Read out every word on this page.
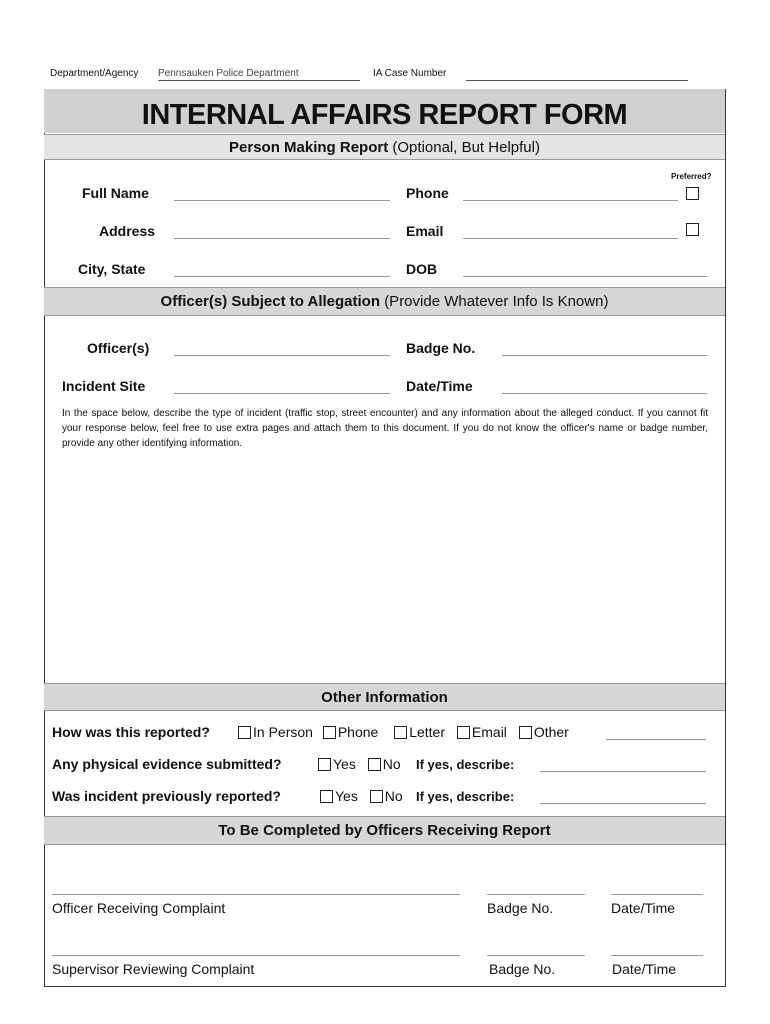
Department/Agency Pennsauken Police Department	IA Case Number
INTERNAL AFFAIRS REPORT FORM
Person Making Report (Optional, But Helpful)
Preferred?
Full Name	Phone
Address	Email
City, State	DOB
Officer(s) Subject to Allegation (Provide Whatever Info Is Known)
Officer(s)	Badge No.
Incident Site	Date/Time
In the space below, describe the type of incident (traffic stop, street encounter) and any information about the alleged conduct. If you cannot fit your response below, feel free to use extra pages and attach them to this document. If you do not know the officer's name or badge number, provide any other identifying information.
Other Information
How was this reported?	In Person Phone Letter Email Other
Any physical evidence submitted?	Yes No If yes, describe:
Was incident previously reported?	Yes No If yes, describe:
To Be Completed by Officers Receiving Report
Officer Receiving Complaint	Badge No.	Date/Time
Supervisor Reviewing Complaint	Badge No.	Date/Time
